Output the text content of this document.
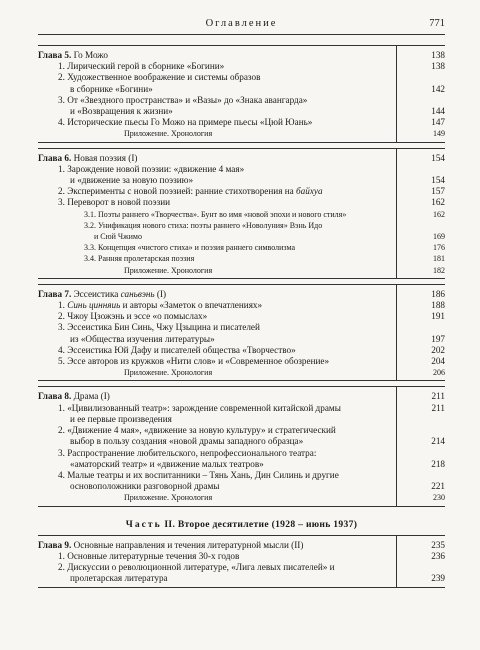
Оглавление	771
Глава 5. Го Можо	138
1. Лирический герой в сборнике «Богини»	138
2. Художественное воображение и системы образов
в сборнике «Богини»	142
3. От «Звездного пространства» и «Вазы» до «Знака авангарда»
и «Возвращения к жизни»	144
4. Исторические пьесы Го Можо на примере пьесы «Цюй Юань»	147
Приложение. Хронология	149
Глава 6. Новая поэзия (I)	154
1. Зарождение новой поэзии: «движение 4 мая»
и «движение за новую поэзию»	154
2. Эксперименты с новой поэзией: ранние стихотворения на байхуа	157
3. Переворот в новой поэзии	162
3.1. Поэты раннего «Творчества». Бунт во имя «новой эпохи и нового стиля»	162
3.2. Унификация нового стиха: поэты раннего «Новолуния» Вэнь Идо
и Сюй Чжимо	169
3.3. Концепция «чистого стиха» и поэзия раннего символизма	176
3.4. Ранняя пролетарская поэзия	181
Приложение. Хронология	182
Глава 7. Эссеистика саньвэнь (I)	186
1. Синь цинняиь и авторы «Заметок о впечатлениях»	188
2. Чжоу Цзожэнь и эссе «о помыслах»	191
3. Эссеистика Бин Синь, Чжу Цзыцина и писателей
из «Общества изучения литературы»	197
4. Эссеистика Юй Дафу и писателей общества «Творчество»	202
5. Эссе авторов из кружков «Нити слов» и «Современное обозрение»	204
Приложение. Хронология	206
Глава 8. Драма (I)	211
1. «Цивилизованный театр»: зарождение современной китайской драмы	211
и ее первые произведения
2. «Движение 4 мая», «движение за новую культуру» и стратегический
выбор в пользу создания «новой драмы западного образца»	214
3. Распространение любительского, непрофессионального театра:
«аматорский театр» и «движение малых театров»	218
4. Малые театры и их воспитанники – Тянь Хань, Дин Силинь и другие
основоположники разговорной драмы	221
Приложение. Хронология	230
Часть II. Второе десятилетие (1928 – июнь 1937)
Глава 9. Основные направления и течения литературной мысли (II)	235
1. Основные литературные течения 30-х годов	236
2. Дискуссии о революционной литературе, «Лига левых писателей» и
пролетарская литература	239
